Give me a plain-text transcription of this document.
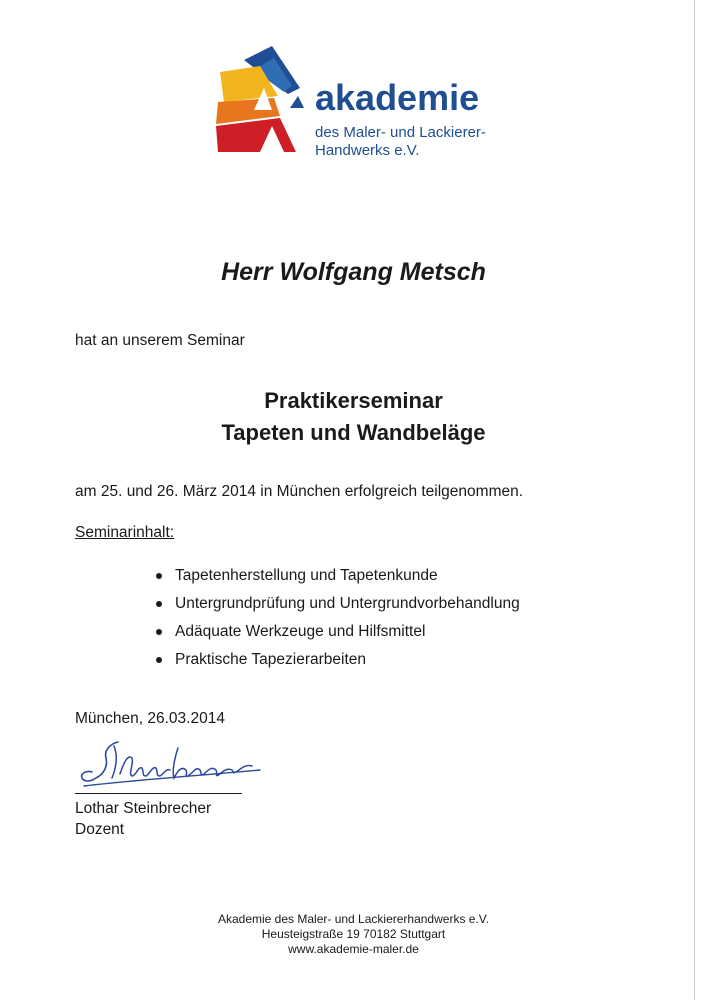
akademie
des Maler- und Lackierer-
Handwerks e.V.
Herr Wolfgang Metsch
hat an unserem Seminar
Praktikerseminar
Tapeten und Wandbeläge
am 25. und 26. März 2014 in München erfolgreich teilgenommen.
Seminarinhalt:
Tapetenherstellung und Tapetenkunde
Untergrundprüfung und Untergrundvorbehandlung
Adäquate Werkzeuge und Hilfsmittel
Praktische Tapezierarbeiten
München, 26.03.2014
Lothar Steinbrecher
Dozent
Akademie des Maler- und Lackiererhandwerks e.V.
Heusteigstraße 19 70182 Stuttgart
www.akademie-maler.de
